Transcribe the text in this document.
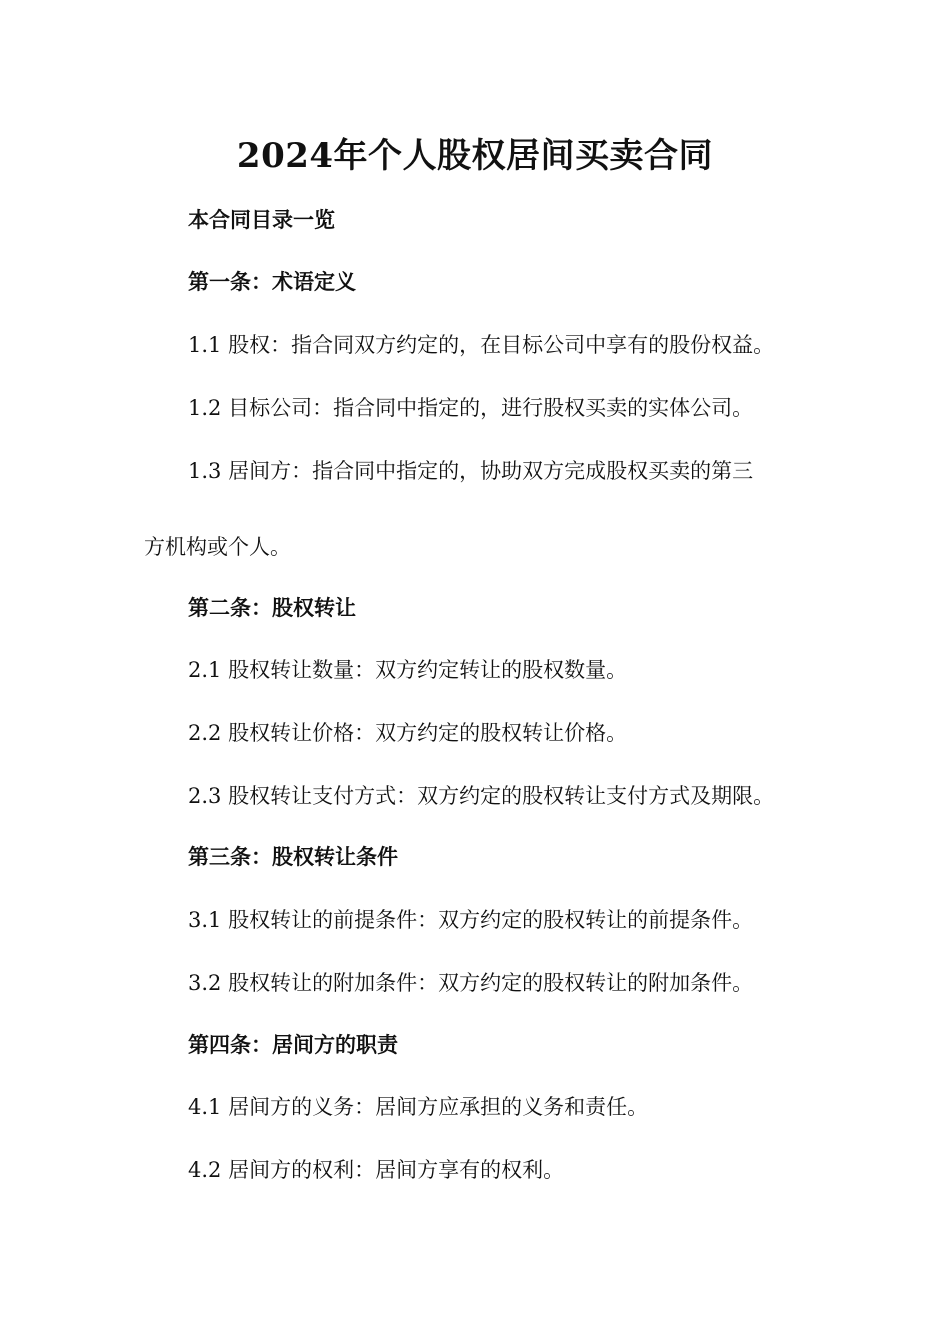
2024年个人股权居间买卖合同

本合同目录一览

第一条：术语定义

1.1 股权：指合同双方约定的，在目标公司中享有的股份权益。

1.2 目标公司：指合同中指定的，进行股权买卖的实体公司。

1.3 居间方：指合同中指定的，协助双方完成股权买卖的第三

方机构或个人。

第二条：股权转让

2.1 股权转让数量：双方约定转让的股权数量。

2.2 股权转让价格：双方约定的股权转让价格。

2.3 股权转让支付方式：双方约定的股权转让支付方式及期限。

第三条：股权转让条件

3.1 股权转让的前提条件：双方约定的股权转让的前提条件。

3.2 股权转让的附加条件：双方约定的股权转让的附加条件。

第四条：居间方的职责

4.1 居间方的义务：居间方应承担的义务和责任。

4.2 居间方的权利：居间方享有的权利。
